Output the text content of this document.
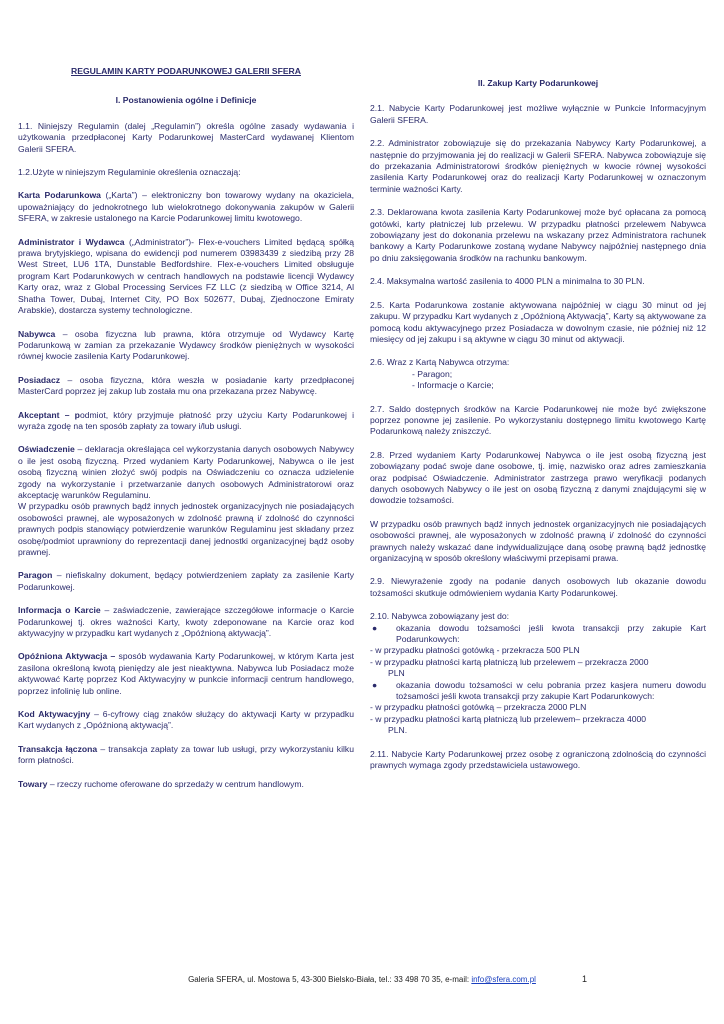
REGULAMIN KARTY PODARUNKOWEJ GALERII SFERA
I. Postanowienia ogólne i Definicje

1.1. Niniejszy Regulamin (dalej „Regulamin”) określa ogólne zasady wydawania i użytkowania przedpłaconej Karty Podarunkowej MasterCard wydawanej Klientom Galerii SFERA.

1.2.Użyte w niniejszym Regulaminie określenia oznaczają:

Karta Podarunkowa („Karta”) – elektroniczny bon towarowy wydany na okaziciela, upoważniający do jednokrotnego lub wielokrotnego dokonywania zakupów w Galerii SFERA, w zakresie ustalonego na Karcie Podarunkowej limitu kwotowego.

Administrator i Wydawca („Administrator”)- Flex-e-vouchers Limited będącą spółką prawa brytyjskiego, wpisana do ewidencji pod numerem 03983439 z siedzibą przy 28 West Street, LU6 1TA, Dunstable Bedfordshire. Flex-e-vouchers Limited obsługuje program Kart Podarunkowych w centrach handlowych na podstawie licencji Wydawcy Karty oraz, wraz z Global Processing Services FZ LLC (z siedzibą w Office 3214, Al Shatha Tower, Dubaj, Internet City, PO Box 502677, Dubaj, Zjednoczone Emiraty Arabskie), dostarcza systemy technologiczne.

Nabywca – osoba fizyczna lub prawna, która otrzymuje od Wydawcy Kartę Podarunkową w zamian za przekazanie Wydawcy środków pieniężnych w wysokości równej kwocie zasilenia Karty Podarunkowej.

Posiadacz – osoba fizyczna, która weszła w posiadanie karty przedpłaconej MasterCard poprzez jej zakup lub została mu ona przekazana przez Nabywcę.

Akceptant – podmiot, który przyjmuje płatność przy użyciu Karty Podarunkowej i wyraża zgodę na ten sposób zapłaty za towary i/lub usługi.

Oświadczenie – deklaracja określająca cel wykorzystania danych osobowych Nabywcy o ile jest osobą fizyczną. Przed wydaniem Karty Podarunkowej, Nabywca o ile jest osobą fizyczną winien złożyć swój podpis na Oświadczeniu co oznacza udzielenie zgody na wykorzystanie i przetwarzanie danych osobowych Administratorowi oraz akceptację warunków Regulaminu.

W przypadku osób prawnych bądź innych jednostek organizacyjnych nie posiadających osobowości prawnej, ale wyposażonych w zdolność prawną i/ zdolność do czynności prawnych podpis stanowiący potwierdzenie warunków Regulaminu jest składany przez osobę/podmiot uprawniony do reprezentacji danej jednostki organizacyjnej bądź osoby prawnej.

Paragon – niefiskalny dokument, będący potwierdzeniem zapłaty za zasilenie Karty Podarunkowej.

Informacja o Karcie – zaświadczenie, zawierające szczegółowe informacje o Karcie Podarunkowej tj. okres ważności Karty, kwoty zdeponowane na Karcie oraz kod aktywacyjny w przypadku kart wydanych z „Opóźnioną aktywacją”.

Opóźniona Aktywacja – sposób wydawania Karty Podarunkowej, w którym Karta jest zasilona określoną kwotą pieniędzy ale jest nieaktywna. Nabywca lub Posiadacz może aktywować Kartę poprzez Kod Aktywacyjny w punkcie informacji centrum handlowego, poprzez infolinię lub online.

Kod Aktywacyjny – 6-cyfrowy ciąg znaków służący do aktywacji Karty w przypadku Kart wydanych z „Opóźnioną aktywacją”.

Transakcja łączona – transakcja zapłaty za towar lub usługi, przy wykorzystaniu kilku form płatności.

Towary – rzeczy ruchome oferowane do sprzedaży w centrum handlowym.

II. Zakup Karty Podarunkowej

2.1. Nabycie Karty Podarunkowej jest możliwe wyłącznie w Punkcie Informacyjnym Galerii SFERA.

2.2. Administrator zobowiązuje się do przekazania Nabywcy Karty Podarunkowej, a następnie do przyjmowania jej do realizacji w Galerii SFERA. Nabywca zobowiązuje się do przekazania Administratorowi środków pieniężnych w kwocie równej wysokości zasilenia Karty Podarunkowej oraz do realizacji Karty Podarunkowej w oznaczonym terminie ważności Karty.

2.3. Deklarowana kwota zasilenia Karty Podarunkowej może być opłacana za pomocą gotówki, karty płatniczej lub przelewu. W przypadku płatności przelewem Nabywca zobowiązany jest do dokonania przelewu na wskazany przez Administratora rachunek bankowy a Karty Podarunkowe zostaną wydane Nabywcy najpóźniej następnego dnia po dniu zaksięgowania środków na rachunku bankowym.

2.4. Maksymalna wartość zasilenia to 4000 PLN a minimalna to 30 PLN.

2.5. Karta Podarunkowa zostanie aktywowana najpóźniej w ciągu 30 minut od jej zakupu. W przypadku Kart wydanych z „Opóźnioną Aktywacją”, Karty są aktywowane za pomocą kodu aktywacyjnego przez Posiadacza w dowolnym czasie, nie później niż 12 miesięcy od jej zakupu i są aktywne w ciągu 30 minut od aktywacji.

2.6. Wraz z Kartą Nabywca otrzyma:

- Paragon;

- Informacje o Karcie;

2.7. Saldo dostępnych środków na Karcie Podarunkowej nie może być zwiększone poprzez ponowne jej zasilenie. Po wykorzystaniu dostępnego limitu kwotowego Kartę Podarunkową należy zniszczyć.

2.8. Przed wydaniem Karty Podarunkowej Nabywca o ile jest osobą fizyczną jest zobowiązany podać swoje dane osobowe, tj. imię, nazwisko oraz adres zamieszkania oraz podpisać Oświadczenie. Administrator zastrzega prawo weryfikacji podanych danych osobowych Nabywcy o ile jest on osobą fizyczną z danymi znajdującymi się w dowodzie tożsamości.

W przypadku osób prawnych bądź innych jednostek organizacyjnych nie posiadających osobowości prawnej, ale wyposażonych w zdolność prawną i/ zdolność do czynności prawnych należy wskazać dane indywidualizujące daną osobę prawną bądź jednostkę organizacyjną w sposób określony właściwymi przepisami prawa.

2.9. Niewyrażenie zgody na podanie danych osobowych lub okazanie dowodu tożsamości skutkuje odmówieniem wydania Karty Podarunkowej.

2.10. Nabywca zobowiązany jest do:

●	okazania dowodu tożsamości jeśli kwota transakcji przy zakupie Kart Podarunkowych:

- w przypadku płatności gotówką - przekracza 500 PLN

- w przypadku płatności kartą płatniczą lub przelewem – przekracza 2000

PLN

●	okazania dowodu tożsamości w celu pobrania przez kasjera numeru dowodu tożsamości jeśli kwota transakcji przy zakupie Kart Podarunkowych:

- w przypadku płatności gotówką – przekracza 2000 PLN

- w przypadku płatności kartą płatniczą lub przelewem– przekracza 4000

PLN.

2.11. Nabycie Karty Podarunkowej przez osobę z ograniczoną zdolnością do czynności prawnych wymaga zgody przedstawiciela ustawowego.

Galeria SFERA, ul. Mostowa 5, 43-300 Bielsko-Biała, tel.: 33 498 70 35, e-mail: info@sfera.com.pl	1
